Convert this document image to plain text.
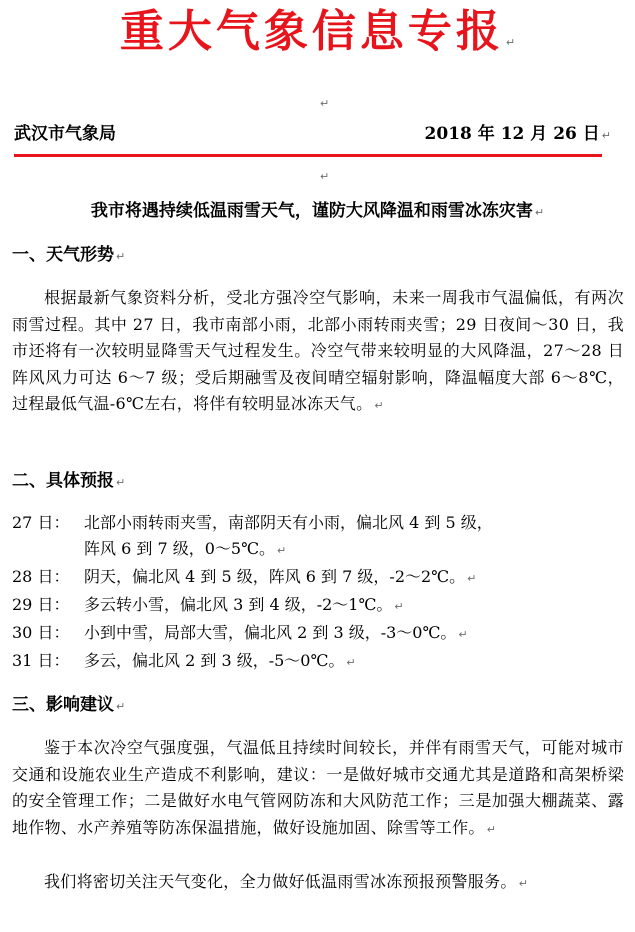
重大气象信息专报 ↵
↵
武汉市气象局	2018 年 12 月 26 日 ↵
↵
我市将遇持续低温雨雪天气，谨防大风降温和雨雪冰冻灾害 ↵
一、天气形势 ↵
根据最新气象资料分析，受北方强冷空气影响，未来一周我市气温偏低，有两次雨雪过程。其中 27 日，我市南部小雨，北部小雨转雨夹雪；29 日夜间～30 日，我市还将有一次较明显降雪天气过程发生。冷空气带来较明显的大风降温，27～28 日阵风风力可达 6～7 级；受后期融雪及夜间晴空辐射影响，降温幅度大部 6～8℃，过程最低气温-6℃左右，将伴有较明显冰冻天气。 ↵
二、具体预报 ↵
27 日： 北部小雨转雨夹雪，南部阴天有小雨，偏北风 4 到 5 级，
阵风 6 到 7 级，0～5℃。 ↵
28 日： 阴天，偏北风 4 到 5 级，阵风 6 到 7 级，-2～2℃。 ↵
29 日： 多云转小雪，偏北风 3 到 4 级，-2～1℃。 ↵
30 日： 小到中雪，局部大雪，偏北风 2 到 3 级，-3～0℃。 ↵
31 日： 多云，偏北风 2 到 3 级，-5～0℃。 ↵
三、影响建议 ↵
鉴于本次冷空气强度强，气温低且持续时间较长，并伴有雨雪天气，可能对城市交通和设施农业生产造成不利影响，建议：一是做好城市交通尤其是道路和高架桥梁的安全管理工作；二是做好水电气管网防冻和大风防范工作；三是加强大棚蔬菜、露地作物、水产养殖等防冻保温措施，做好设施加固、除雪等工作。 ↵
我们将密切关注天气变化，全力做好低温雨雪冰冻预报预警服务。 ↵
